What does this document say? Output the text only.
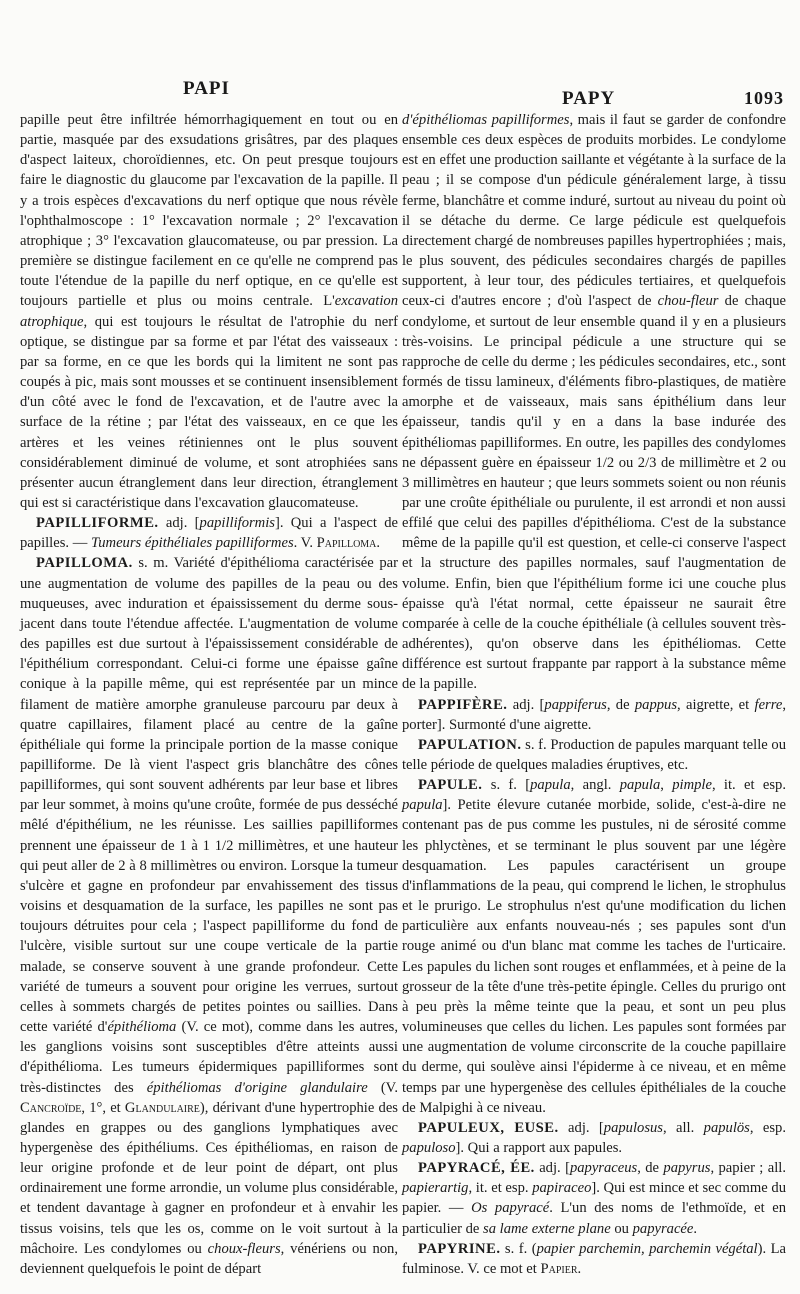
PAPI	PAPY	1093

papille peut être infiltrée hémorrhagiquement en tout ou en partie, masquée par des exsudations grisâtres, par des plaques d'aspect laiteux, choroïdiennes, etc. On peut presque toujours faire le diagnostic du glaucome par l'excavation de la papille. Il y a trois espèces d'excavations du nerf optique que nous révèle l'ophthalmoscope : 1° l'excavation normale ; 2° l'excavation atrophique ; 3° l'excavation glaucomateuse, ou par pression. La première se distingue facilement en ce qu'elle ne comprend pas toute l'étendue de la papille du nerf optique, en ce qu'elle est toujours partielle et plus ou moins centrale. L'excavation atrophique, qui est toujours le résultat de l'atrophie du nerf optique, se distingue par sa forme et par l'état des vaisseaux : par sa forme, en ce que les bords qui la limitent ne sont pas coupés à pic, mais sont mousses et se continuent insensiblement d'un côté avec le fond de l'excavation, et de l'autre avec la surface de la rétine ; par l'état des vaisseaux, en ce que les artères et les veines rétiniennes ont le plus souvent considérablement diminué de volume, et sont atrophiées sans présenter aucun étranglement dans leur direction, étranglement qui est si caractéristique dans l'excavation glaucomateuse.

PAPILLIFORME. adj. [papilliformis]. Qui a l'aspect de papilles. — Tumeurs épithéliales papilliformes. V. Papilloma.

PAPILLOMA. s. m. Variété d'épithélioma caractérisée par une augmentation de volume des papilles de la peau ou des muqueuses, avec induration et épaississement du derme sous-jacent dans toute l'étendue affectée. L'augmentation de volume des papilles est due surtout à l'épaississement considérable de l'épithélium correspondant. Celui-ci forme une épaisse gaîne conique à la papille même, qui est représentée par un mince filament de matière amorphe granuleuse parcouru par deux à quatre capillaires, filament placé au centre de la gaîne épithéliale qui forme la principale portion de la masse conique papilliforme. De là vient l'aspect gris blanchâtre des cônes papilliformes, qui sont souvent adhérents par leur base et libres par leur sommet, à moins qu'une croûte, formée de pus desséché mêlé d'épithélium, ne les réunisse. Les saillies papilliformes prennent une épaisseur de 1 à 1 1/2 millimètres, et une hauteur qui peut aller de 2 à 8 millimètres ou environ. Lorsque la tumeur s'ulcère et gagne en profondeur par envahissement des tissus voisins et desquamation de la surface, les papilles ne sont pas toujours détruites pour cela ; l'aspect papilliforme du fond de l'ulcère, visible surtout sur une coupe verticale de la partie malade, se conserve souvent à une grande profondeur. Cette variété de tumeurs a souvent pour origine les verrues, surtout celles à sommets chargés de petites pointes ou saillies. Dans cette variété d'épithélioma (V. ce mot), comme dans les autres, les ganglions voisins sont susceptibles d'être atteints aussi d'épithélioma. Les tumeurs épidermiques papilliformes sont très-distinctes des épithéliomas d'origine glandulaire (V. Cancroïde, 1°, et Glandulaire), dérivant d'une hypertrophie des glandes en grappes ou des ganglions lymphatiques avec hypergenèse des épithéliums. Ces épithéliomas, en raison de leur origine profonde et de leur point de départ, ont plus ordinairement une forme arrondie, un volume plus considérable, et tendent davantage à gagner en profondeur et à envahir les tissus voisins, tels que les os, comme on le voit surtout à la mâchoire. Les condylomes ou choux-fleurs, vénériens ou non, deviennent quelquefois le point de départ

d'épithéliomas papilliformes, mais il faut se garder de confondre ensemble ces deux espèces de produits morbides. Le condylome est en effet une production saillante et végétante à la surface de la peau ; il se compose d'un pédicule généralement large, à tissu ferme, blanchâtre et comme induré, surtout au niveau du point où il se détache du derme. Ce large pédicule est quelquefois directement chargé de nombreuses papilles hypertrophiées ; mais, le plus souvent, des pédicules secondaires chargés de papilles supportent, à leur tour, des pédicules tertiaires, et quelquefois ceux-ci d'autres encore ; d'où l'aspect de chou-fleur de chaque condylome, et surtout de leur ensemble quand il y en a plusieurs très-voisins. Le principal pédicule a une structure qui se rapproche de celle du derme ; les pédicules secondaires, etc., sont formés de tissu lamineux, d'éléments fibro-plastiques, de matière amorphe et de vaisseaux, mais sans épithélium dans leur épaisseur, tandis qu'il y en a dans la base indurée des épithéliomas papilliformes. En outre, les papilles des condylomes ne dépassent guère en épaisseur 1/2 ou 2/3 de millimètre et 2 ou 3 millimètres en hauteur ; que leurs sommets soient ou non réunis par une croûte épithéliale ou purulente, il est arrondi et non aussi effilé que celui des papilles d'épithélioma. C'est de la substance même de la papille qu'il est question, et celle-ci conserve l'aspect et la structure des papilles normales, sauf l'augmentation de volume. Enfin, bien que l'épithélium forme ici une couche plus épaisse qu'à l'état normal, cette épaisseur ne saurait être comparée à celle de la couche épithéliale (à cellules souvent très-adhérentes), qu'on observe dans les épithéliomas. Cette différence est surtout frappante par rapport à la substance même de la papille.

PAPPIFÈRE. adj. [pappiferus, de pappus, aigrette, et ferre, porter]. Surmonté d'une aigrette.

PAPULATION. s. f. Production de papules marquant telle ou telle période de quelques maladies éruptives, etc.

PAPULE. s. f. [papula, angl. papula, pimple, it. et esp. papula]. Petite élevure cutanée morbide, solide, c'est-à-dire ne contenant pas de pus comme les pustules, ni de sérosité comme les phlyctènes, et se terminant le plus souvent par une légère desquamation. Les papules caractérisent un groupe d'inflammations de la peau, qui comprend le lichen, le strophulus et le prurigo. Le strophulus n'est qu'une modification du lichen particulière aux enfants nouveau-nés ; ses papules sont d'un rouge animé ou d'un blanc mat comme les taches de l'urticaire. Les papules du lichen sont rouges et enflammées, et à peine de la grosseur de la tête d'une très-petite épingle. Celles du prurigo ont à peu près la même teinte que la peau, et sont un peu plus volumineuses que celles du lichen. Les papules sont formées par une augmentation de volume circonscrite de la couche papillaire du derme, qui soulève ainsi l'épiderme à ce niveau, et en même temps par une hypergenèse des cellules épithéliales de la couche de Malpighi à ce niveau.

PAPULEUX, EUSE. adj. [papulosus, all. papulös, esp. papuloso]. Qui a rapport aux papules.

PAPYRACÉ, ÉE. adj. [papyraceus, de papyrus, papier ; all. papierartig, it. et esp. papiraceo]. Qui est mince et sec comme du papier. — Os papyracé. L'un des noms de l'ethmoïde, et en particulier de sa lame externe plane ou papyracée.

PAPYRINE. s. f. (papier parchemin, parchemin végétal). La fulminose. V. ce mot et Papier.
